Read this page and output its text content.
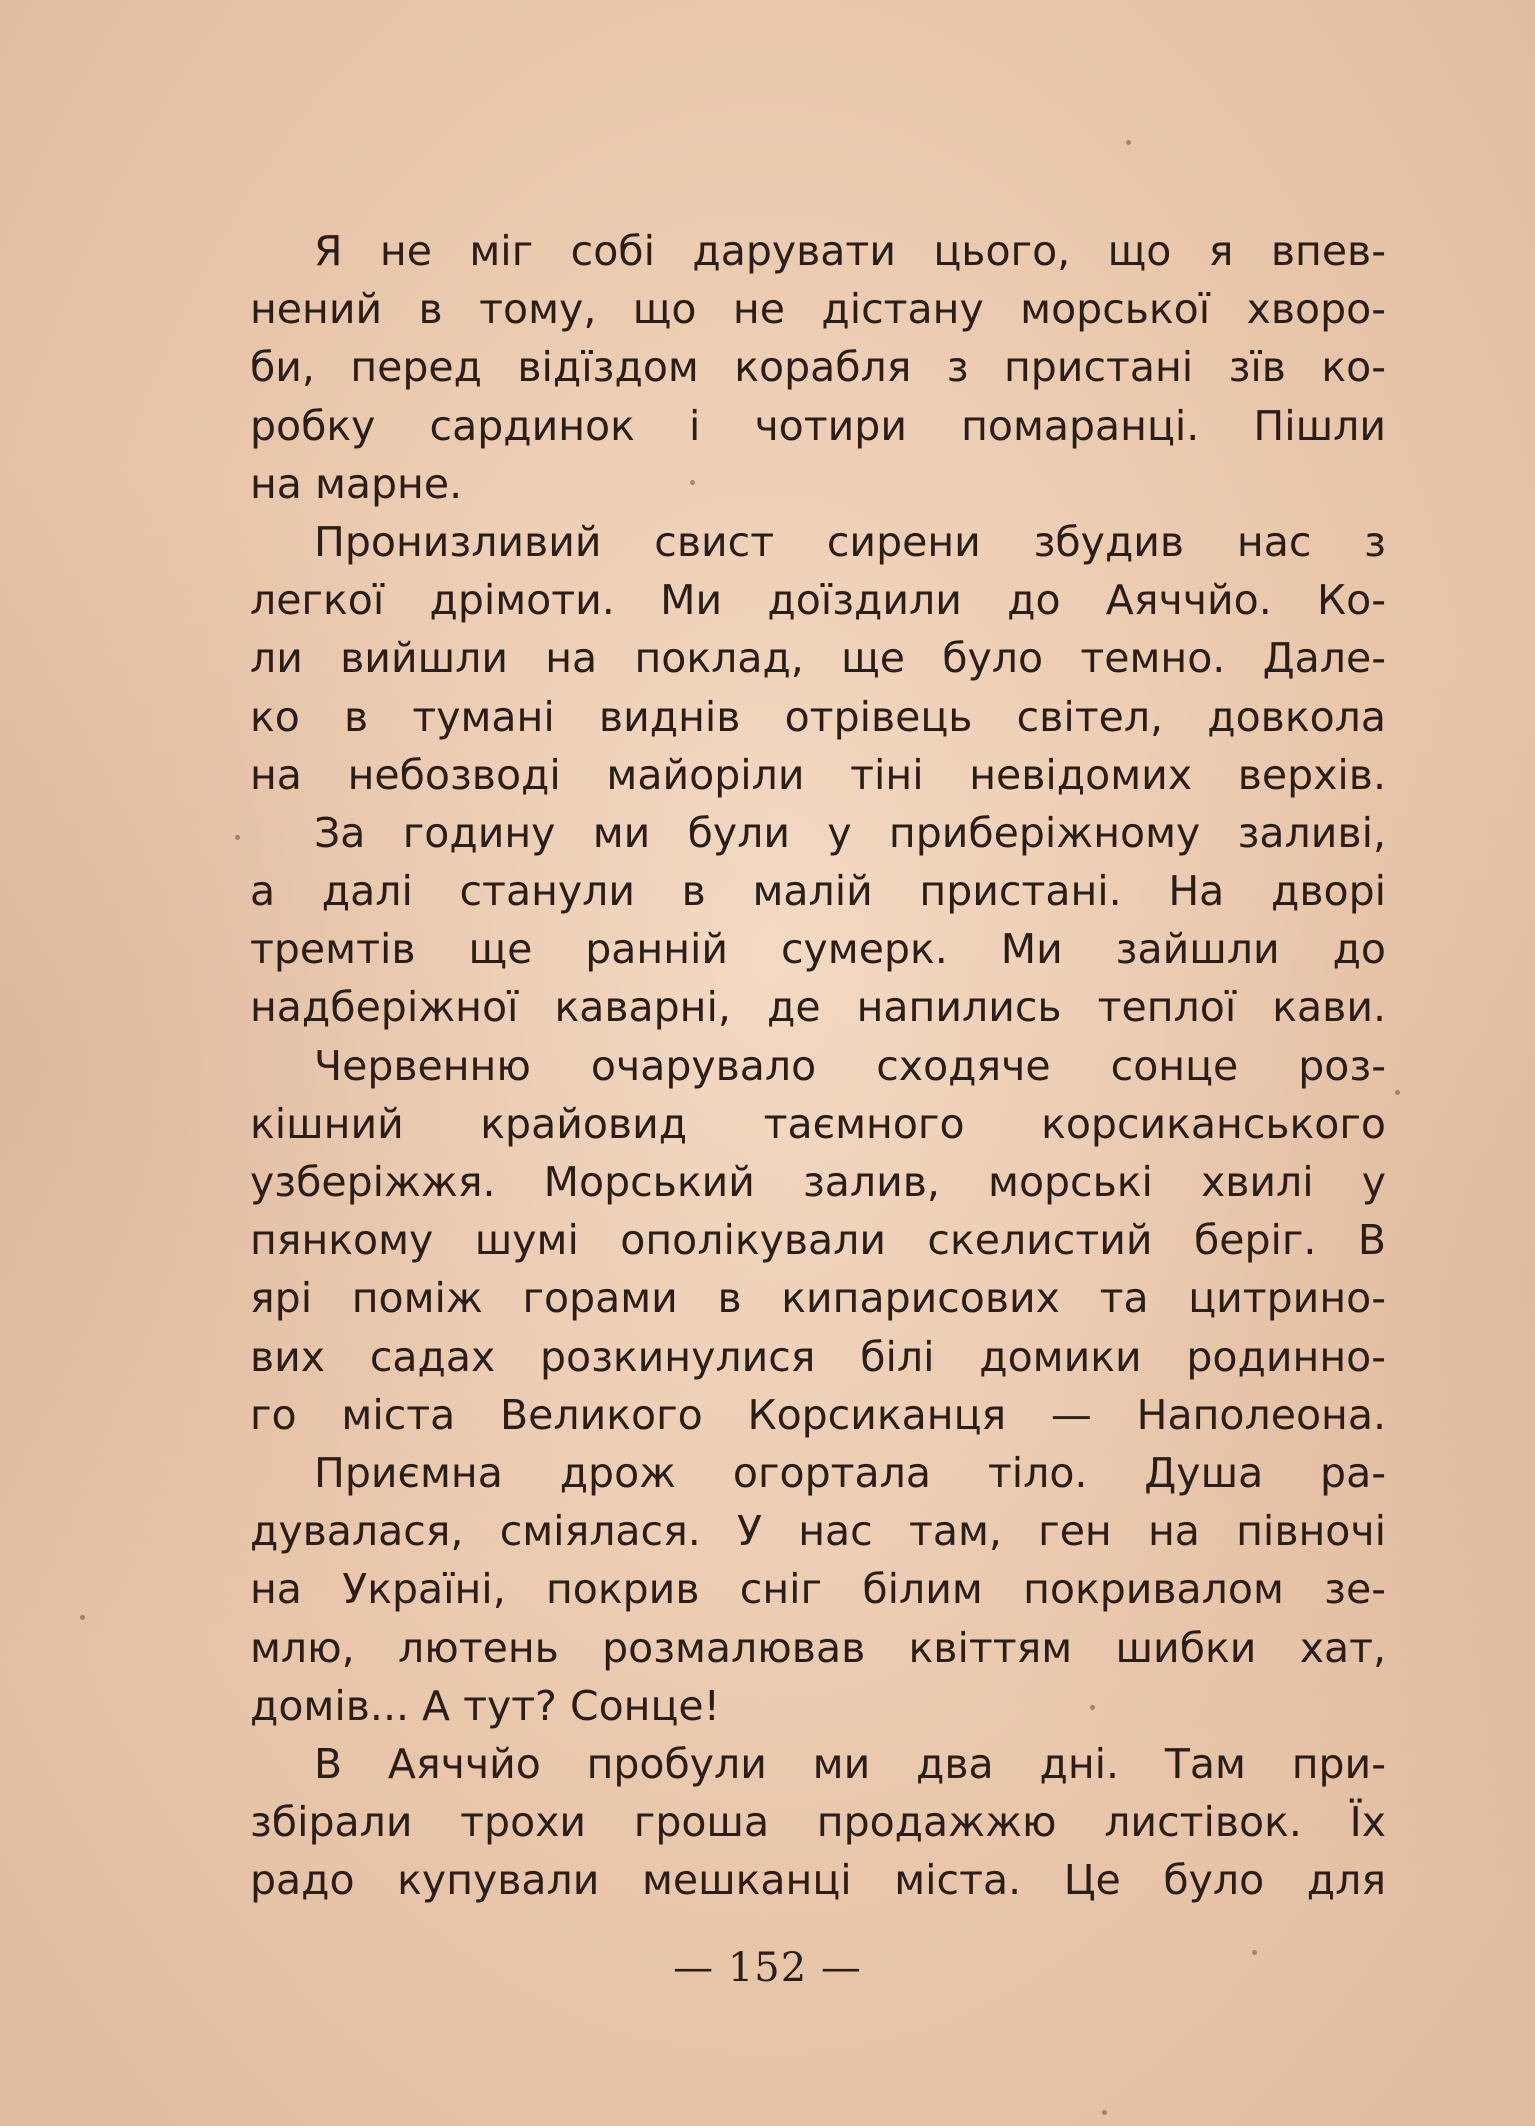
Я не міг собі дарувати цього, що я впев-
нений в тому, що не дістану морської хворо-
би, перед відїздом корабля з пристані зїв ко-
робку сардинок і чотири помаранці. Пішли
на марне.
Пронизливий свист сирени збудив нас з
легкої дрімоти. Ми доїздили до Аяччйо. Ко-
ли вийшли на поклад, ще було темно. Дале-
ко в тумані виднів отрівець світел, довкола
на небозводі майоріли тіні невідомих верхів.
За годину ми були у приберіжному заливі,
а далі станули в малій пристані. На дворі
тремтів ще ранній сумерк. Ми зайшли до
надберіжної каварні, де напились теплої кави.
Червенню очарувало сходяче сонце роз-
кішний крайовид таємного корсиканського
узберіжжя. Морський залив, морські хвилі у
пянкому шумі ополікували скелистий беріг. В
ярі поміж горами в кипарисових та цитрино-
вих садах розкинулися білі домики родинно-
го міста Великого Корсиканця — Наполеона.
Приємна дрож огортала тіло. Душа ра-
дувалася, сміялася. У нас там, ген на півночі
на Україні, покрив сніг білим покривалом зе-
млю, лютень розмалював квіттям шибки хат,
домів... А тут? Сонце!
В Аяччйо пробули ми два дні. Там при-
збірали трохи гроша продажжю листівок. Їх
радо купували мешканці міста. Це було для
— 152 —
